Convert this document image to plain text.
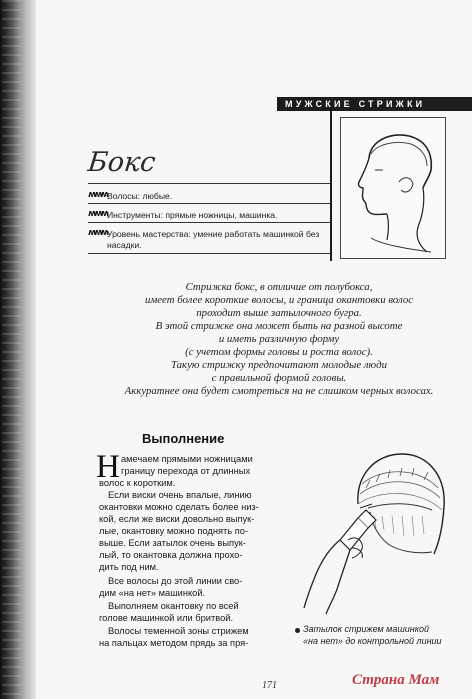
МУЖСКИЕ СТРИЖКИ
Бокс
ʍʍʍ Волосы: любые.
ʍʍʍ Инструменты: прямые ножницы, машинка.
ʍʍʍ Уровень мастерства: умение работать машинкой без
насадки.
Стрижка бокс, в отличие от полубокса,
имеет более короткие волосы, и граница окантовки волос
проходит выше затылочного бугра.
В этой стрижке она может быть на разной высоте
и иметь различную форму
(с учетом формы головы и роста волос).
Такую стрижку предпочитают молодые люди
с правильной формой головы.
Аккуратнее она будет смотреться на не слишком черных волосах.
Выполнение
Н амечаем прямыми ножницами
границу перехода от длинных
волос к коротким.
Если виски очень впалые, линию
окантовки можно сделать более низ-
кой, если же виски довольно выпук-
лые, окантовку можно поднять по-
выше. Если затылок очень выпук-
лый, то окантовка должна прохо-
дить под ним.
Все волосы до этой линии сво-
дим «на нет» машинкой.
Выполняем окантовку по всей
голове машинкой или бритвой.
Волосы теменной зоны стрижем
на пальцах методом прядь за пря-
Затылок стрижем машинкой
«на нет» до контрольной линии
171	Страна Мам
